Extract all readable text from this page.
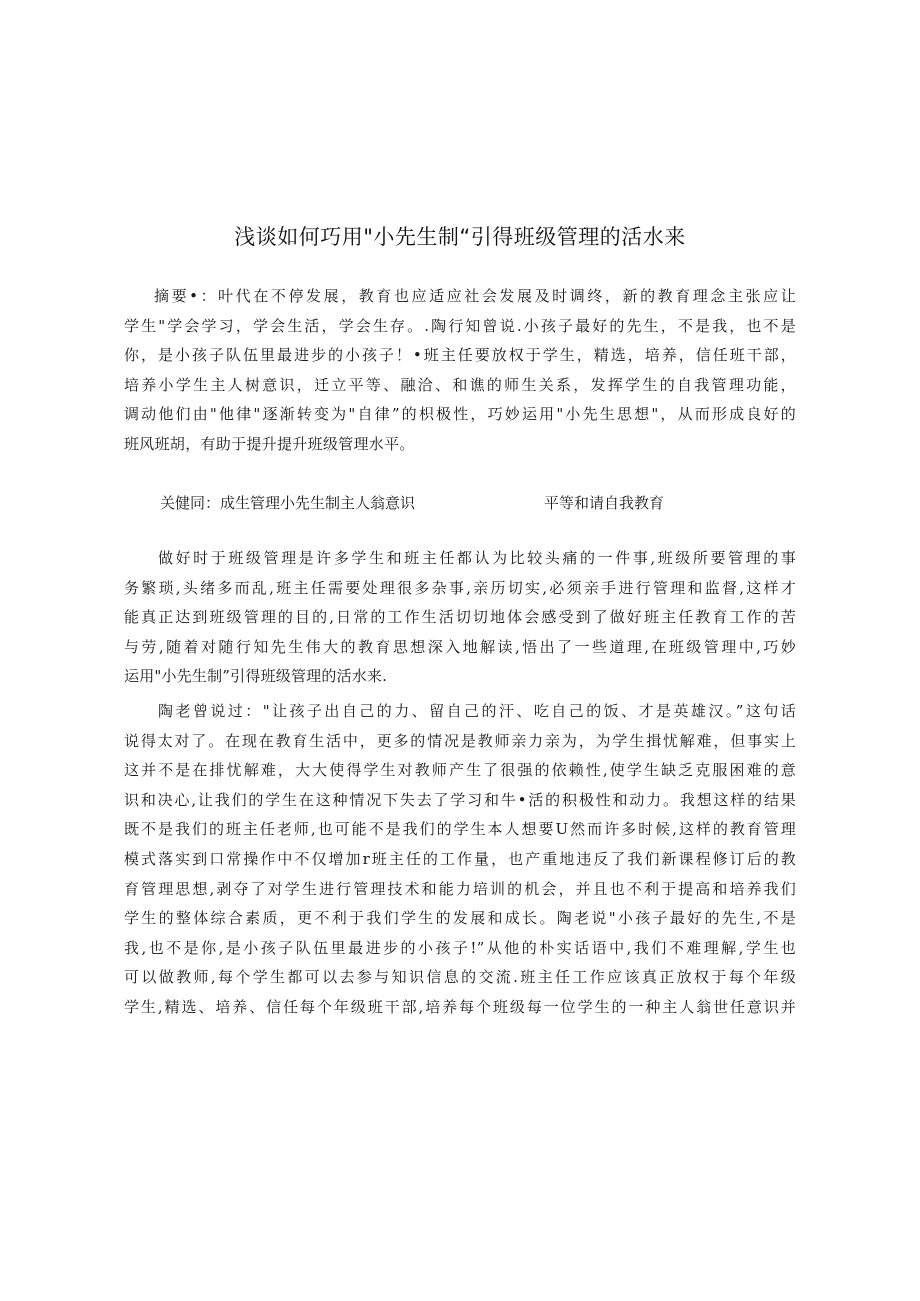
浅谈如何巧用"小先生制“引得班级管理的活水来
摘要•：叶代在不停发展，教育也应适应社会发展及时调终，新的教育理念主张应让
学生"学会学习，学会生活，学会生存。.陶行知曾说.小孩子最好的先生，不是我，也不是
你，是小孩子队伍里最进步的小孩子！•班主任要放权于学生，精选，培养，信任班干部，
培养小学生主人树意识，迁立平等、融洽、和谯的师生关系，发挥学生的自我管理功能，
调动他们由"他律"逐渐转变为"自律”的枳极性，巧妙运用"小先生思想"，从而形成良好的
班风班胡，有助于提升提升班级管理水平。
关健同：成生管理小先生制主人翁意识	平等和请自我教育
做好时于班级管理是许多学生和班主任都认为比较头痛的一件事,班级所要管理的事
务繁琐,头绪多而乱,班主任需要处理很多杂事,亲历切实,必须亲手进行管理和监督,这样才
能真正达到班级管理的目的,日常的工作生活切切地体会感受到了做好班主任教育工作的苦
与劳,随着对随行知先生伟大的教育思想深入地解读,悟出了一些道理,在班级管理中,巧妙
运用"小先生制”引得班级管理的活水来.
陶老曾说过："让孩子出自己的力、留自己的汗、吃自己的饭、才是英雄汉。”这句话
说得太对了。在现在教育生活中，更多的情况是教师亲力亲为，为学生揖忧解难，但事实上
这并不是在排忧解难，大大使得学生对教师产生了很强的依赖性,使学生缺乏克服困难的意
识和决心,让我们的学生在这种情况下失去了学习和牛•活的积极性和动力。我想这样的结果
既不是我们的班主任老师,也可能不是我们的学生本人想要U然而许多时候,这样的教育管理
模式落实到口常操作中不仅增加r班主任的工作量，也产重地违反了我们新课程修订后的教
育管理思想,剥夺了对学生进行管理技术和能力培训的机会，并且也不利于提高和培养我们
学生的整体综合素质，更不利于我们学生的发展和成长。陶老说"小孩子最好的先生,不是
我,也不是你,是小孩子队伍里最进步的小孩子!”从他的朴实话语中,我们不难理解,学生也
可以做教师,每个学生都可以去参与知识信息的交流.班主任工作应该真正放权于每个年级
学生,精选、培养、信任每个年级班干部,培养每个班级每一位学生的一种主人翁世任意识并
